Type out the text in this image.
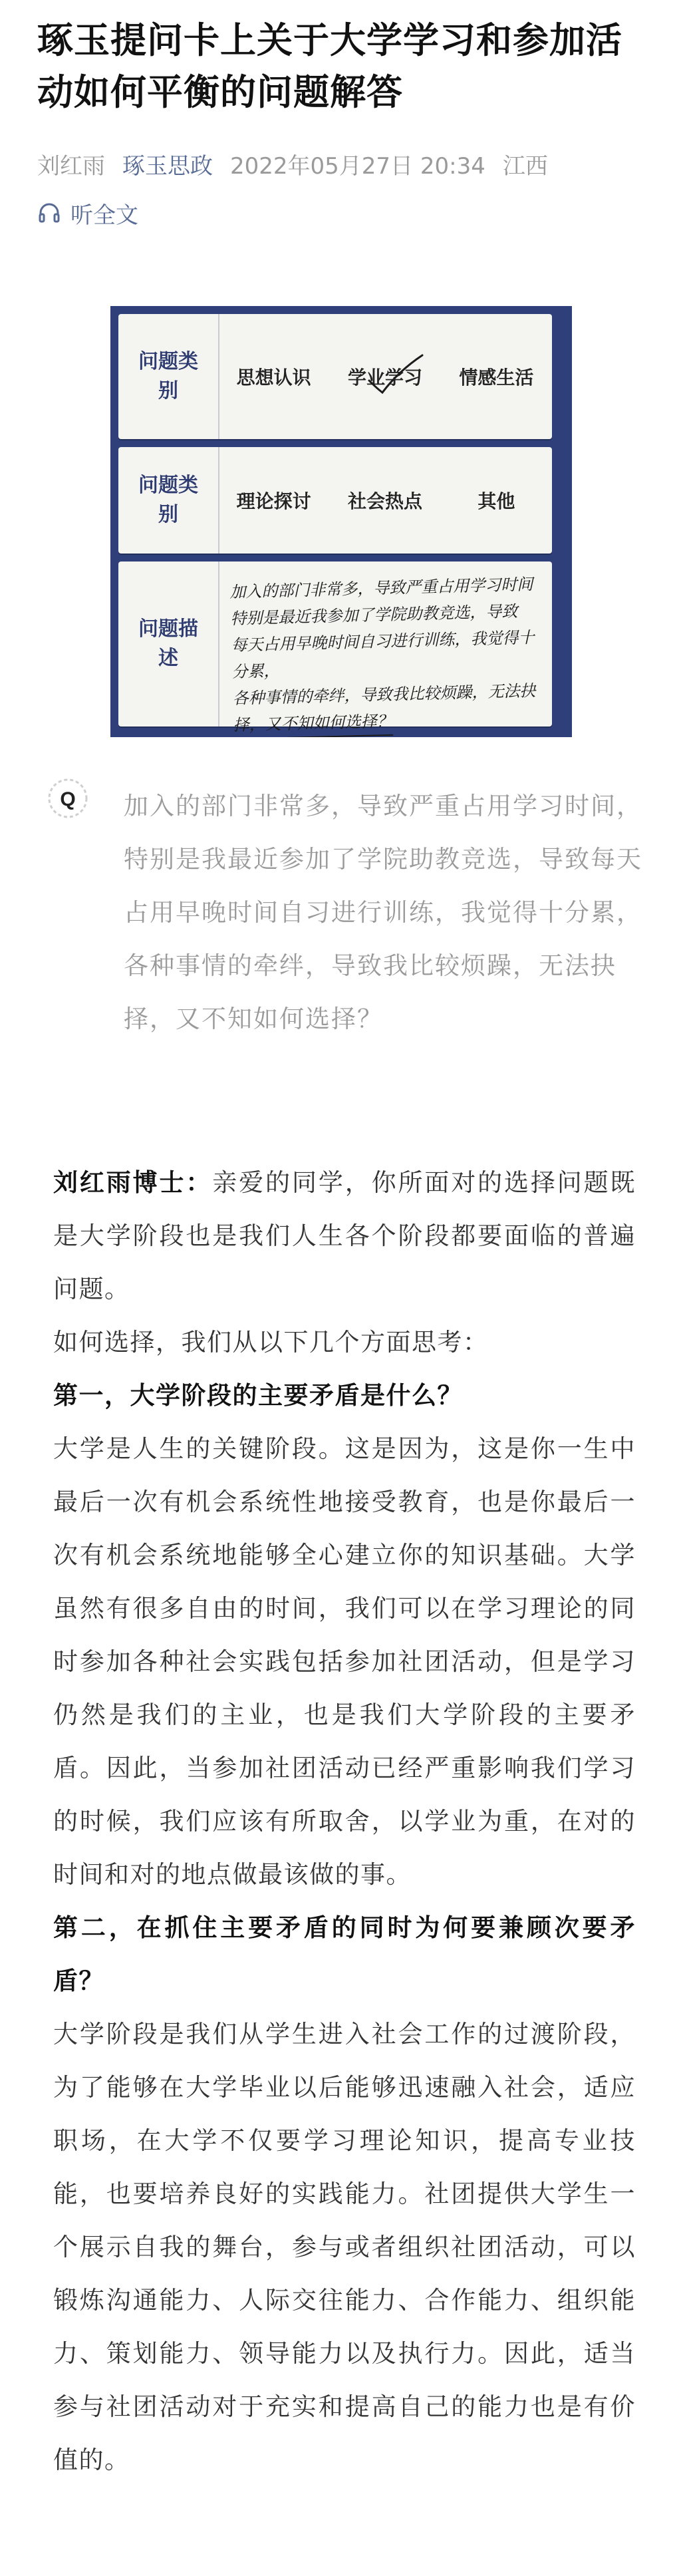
琢玉提问卡上关于大学学习和参加活动如何平衡的问题解答
刘红雨 琢玉思政 2022年05月27日 20:34 江西
听全文
问题类别
思想认识	学业学习	情感生活
问题类别
理论探讨	社会热点	其他
问题描述
加入的部门非常多，导致严重占用学习时间
特别是最近我参加了学院助教竞选，导致
每天占用早晚时间自习进行训练，我觉得十分累，
各种事情的牵绊，导致我比较烦躁，无法抉
择，又不知如何选择？
Q 加入的部门非常多，导致严重占用学习时间，特别是我最近参加了学院助教竞选，导致每天占用早晚时间自习进行训练，我觉得十分累，各种事情的牵绊，导致我比较烦躁，无法抉择，又不知如何选择？

刘红雨博士：亲爱的同学，你所面对的选择问题既是大学阶段也是我们人生各个阶段都要面临的普遍问题。

如何选择，我们从以下几个方面思考：

第一，大学阶段的主要矛盾是什么？

大学是人生的关键阶段。这是因为，这是你一生中最后一次有机会系统性地接受教育，也是你最后一次有机会系统地能够全心建立你的知识基础。大学虽然有很多自由的时间，我们可以在学习理论的同时参加各种社会实践包括参加社团活动，但是学习仍然是我们的主业，也是我们大学阶段的主要矛盾。因此，当参加社团活动已经严重影响我们学习的时候，我们应该有所取舍，以学业为重，在对的时间和对的地点做最该做的事。

第二，在抓住主要矛盾的同时为何要兼顾次要矛盾？

大学阶段是我们从学生进入社会工作的过渡阶段，为了能够在大学毕业以后能够迅速融入社会，适应职场，在大学不仅要学习理论知识，提高专业技能，也要培养良好的实践能力。社团提供大学生一个展示自我的舞台，参与或者组织社团活动，可以锻炼沟通能力、人际交往能力、合作能力、组织能力、策划能力、领导能力以及执行力。因此，适当参与社团活动对于充实和提高自己的能力也是有价值的。
